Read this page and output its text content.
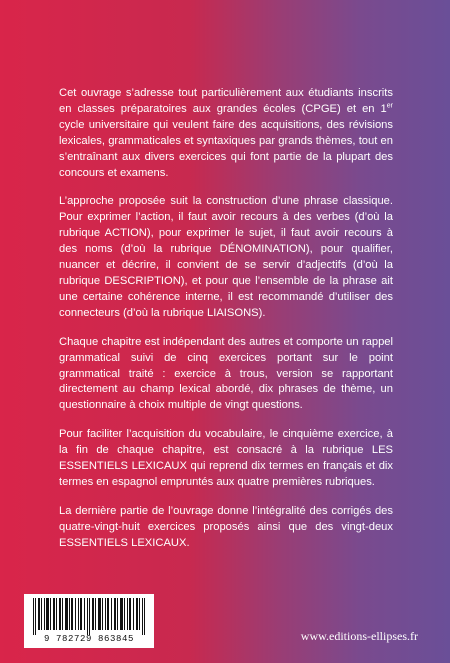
Cet ouvrage s’adresse tout particulièrement aux étudiants inscrits en classes préparatoires aux grandes écoles (CPGE) et en 1er cycle universitaire qui veulent faire des acquisitions, des révisions lexicales, grammaticales et syntaxiques par grands thèmes, tout en s’entraînant aux divers exercices qui font partie de la plupart des concours et examens.

L’approche proposée suit la construction d’une phrase classique. Pour exprimer l’action, il faut avoir recours à des verbes (d’où la rubrique ACTION), pour exprimer le sujet, il faut avoir recours à des noms (d’où la rubrique DÉNOMINATION), pour qualifier, nuancer et décrire, il convient de se servir d’adjectifs (d’où la rubrique DESCRIPTION), et pour que l’ensemble de la phrase ait une certaine cohérence interne, il est recommandé d’utiliser des connecteurs (d’où la rubrique LIAISONS).

Chaque chapitre est indépendant des autres et comporte un rappel grammatical suivi de cinq exercices portant sur le point grammatical traité : exercice à trous, version se rapportant directement au champ lexical abordé, dix phrases de thème, un questionnaire à choix multiple de vingt questions.

Pour faciliter l’acquisition du vocabulaire, le cinquième exercice, à la fin de chaque chapitre, est consacré à la rubrique LES ESSENTIELS LEXICAUX qui reprend dix termes en français et dix termes en espagnol empruntés aux quatre premières rubriques.

La dernière partie de l’ouvrage donne l’intégralité des corrigés des quatre-vingt-huit exercices proposés ainsi que des vingt-deux ESSENTIELS LEXICAUX.

9 782729 863845	www.editions-ellipses.fr
